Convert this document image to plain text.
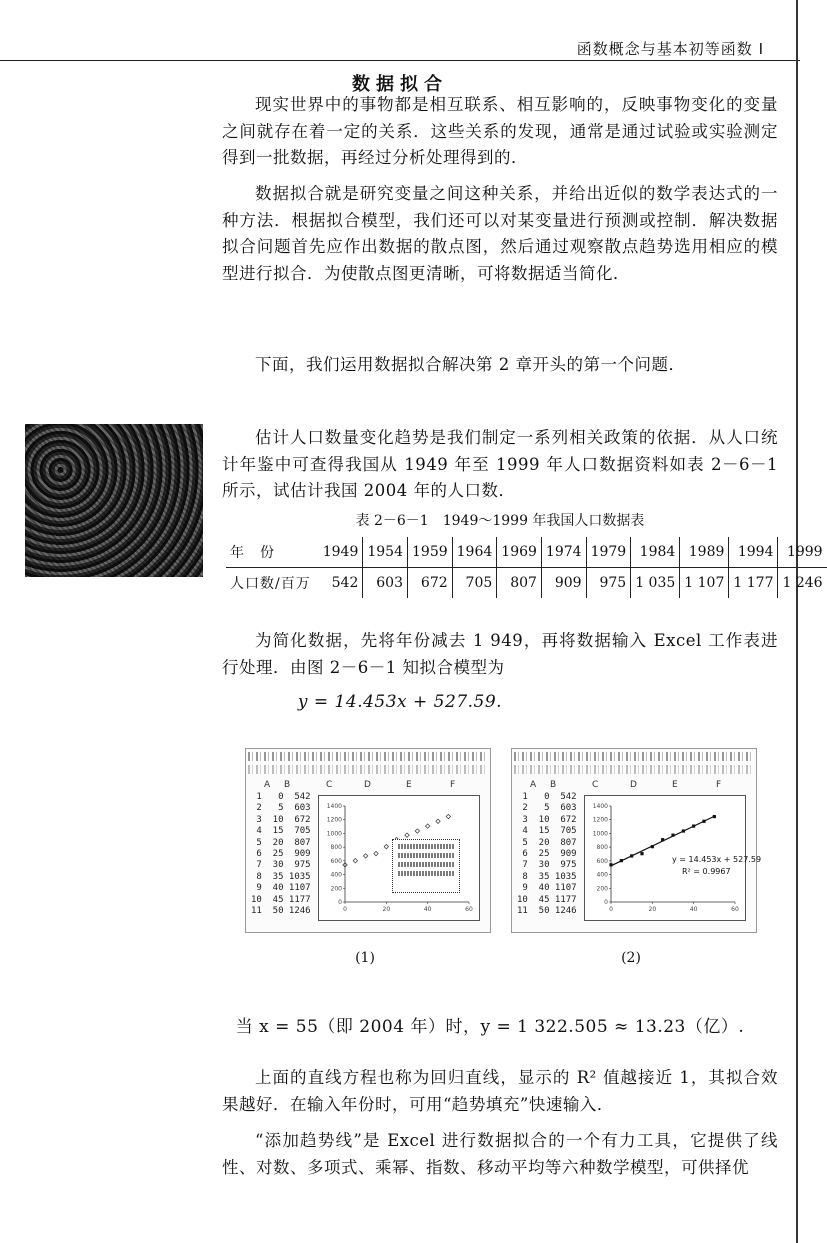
函数概念与基本初等函数 I
数据拟合

现实世界中的事物都是相互联系、相互影响的，反映事物变化的变量之间就存在着一定的关系．这些关系的发现，通常是通过试验或实验测定得到一批数据，再经过分析处理得到的．

数据拟合就是研究变量之间这种关系，并给出近似的数学表达式的一种方法．根据拟合模型，我们还可以对某变量进行预测或控制．解决数据拟合问题首先应作出数据的散点图，然后通过观察散点趋势选用相应的模型进行拟合．为使散点图更清晰，可将数据适当简化．

下面，我们运用数据拟合解决第 2 章开头的第一个问题．

估计人口数量变化趋势是我们制定一系列相关政策的依据．从人口统计年鉴中可查得我国从 1949 年至 1999 年人口数据资料如表 2－6－1 所示，试估计我国 2004 年的人口数．

表 2－6－1　1949～1999 年我国人口数据表
年　份	1949	1954	1959	1964	1969	1974	1979	1984	1989	1994	1999
人口数/百万	542	603	672	705	807	909	975	1 035	1 107	1 177	1 246

为简化数据，先将年份减去 1 949，再将数据输入 Excel 工作表进行处理．由图 2－6－1 知拟合模型为

y = 14.453x + 527.59.
A B	C	D	E	F
1   0  542
2   5  603
3  10  672
4  15  705
5  20  807
6  25  909
7  30  975
8  35 1035
9  40 1107
10  45 1177
11  50 1246
1400
1200
1000
800
600
400
200
0
0	20	40	60
A B	C	D	E	F
1   0  542
2   5  603
3  10  672
4  15  705
5  20  807
6  25  909
7  30  975
8  35 1035
9  40 1107
10  45 1177
11  50 1246
1400
1200
1000
800
600
400
200
0
0	20	40	60
y = 14.453x + 527.59
R² = 0.9967
(1)	(2)
当 x = 55（即 2004 年）时，y = 1 322.505 ≈ 13.23（亿）.

上面的直线方程也称为回归直线，显示的 R² 值越接近 1，其拟合效果越好．在输入年份时，可用“趋势填充”快速输入．

“添加趋势线”是 Excel 进行数据拟合的一个有力工具，它提供了线性、对数、多项式、乘幂、指数、移动平均等六种数学模型，可供择优
